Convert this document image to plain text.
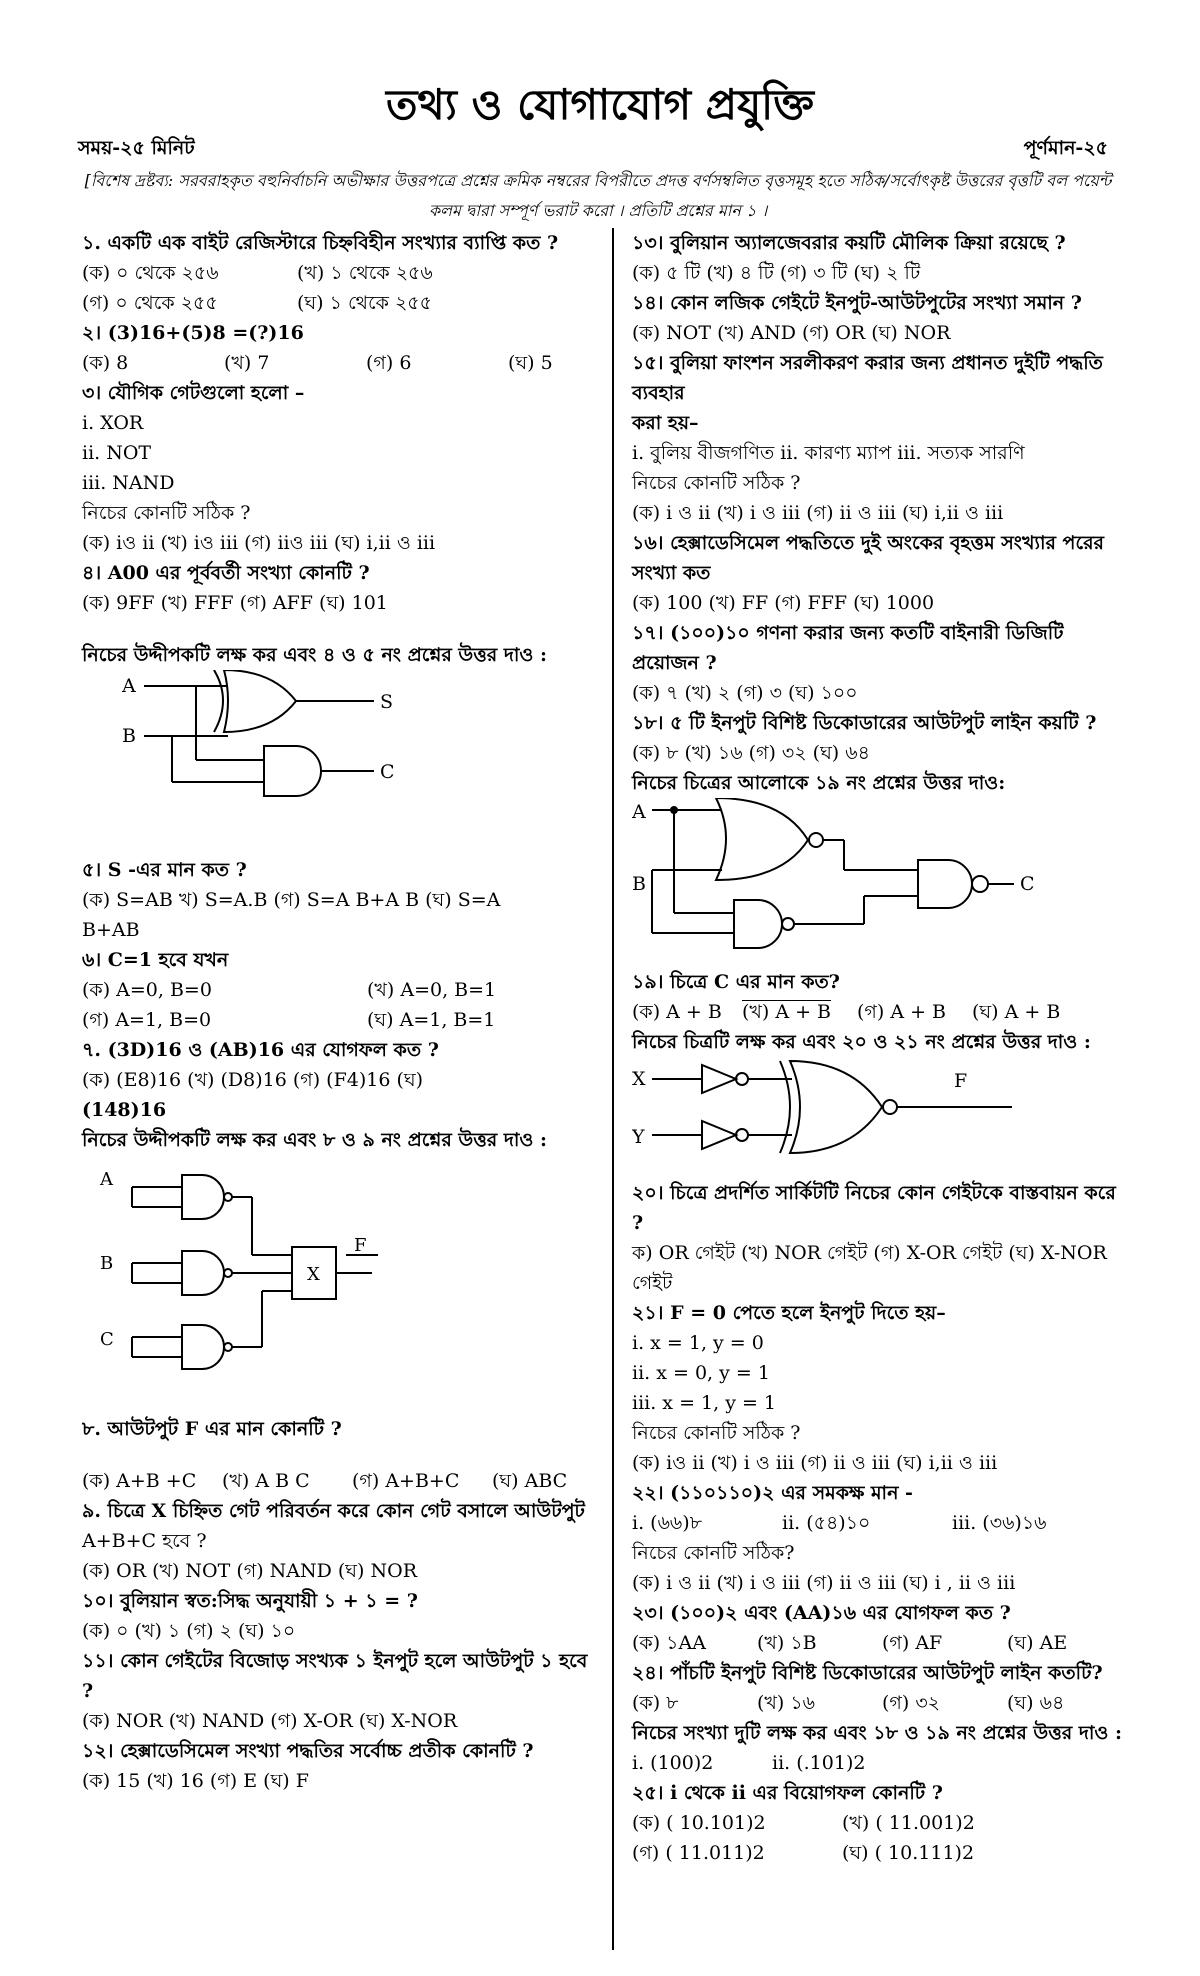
তথ্য ও যোগাযোগ প্রযুক্তি
সময়-২৫ মিনিট	পূর্ণমান-২৫
[বিশেষ দ্রষ্টব্য: সরবরাহকৃত বহুনির্বাচনি অভীক্ষার উত্তরপত্রে প্রশ্নের ক্রমিক নম্বরের বিপরীতে প্রদত্ত বর্ণসম্বলিত বৃত্তসমূহ হতে সঠিক/সর্বোৎকৃষ্ট উত্তরের বৃত্তটি বল পয়েন্ট কলম দ্বারা সম্পূর্ণ ভরাট করো । প্রতিটি প্রশ্নের মান ১ ।

১. একটি এক বাইট রেজিস্টারে চিহ্নবিহীন সংখ্যার ব্যাপ্তি কত ?

(ক) ০ থেকে ২৫৬	(খ) ১ থেকে ২৫৬
(গ) ০ থেকে ২৫৫	(ঘ) ১ থেকে ২৫৫

২। (3)16+(5)8 =(?)16

(ক) 8	(খ) 7	(গ) 6	(ঘ) 5

৩। যৌগিক গেটগুলো হলো –

i. XOR

ii. NOT

iii. NAND

নিচের কোনটি সঠিক ?

(ক) iও ii (খ) iও iii (গ) iiও iii (ঘ) i,ii ও iii

৪। A00 এর পূর্ববর্তী সংখ্যা কোনটি ?

(ক) 9FF (খ) FFF (গ) AFF (ঘ) 101

নিচের উদ্দীপকটি লক্ষ কর এবং ৪ ও ৫ নং প্রশ্নের উত্তর দাও :

A
B
S
C

৫। S -এর মান কত ?

(ক) S=AB খ) S=A.B (গ) S=A B+A B (ঘ) S=A

B+AB

৬। C=1 হবে যখন

(ক) A=0, B=0	(খ) A=0, B=1
(গ) A=1, B=0	(ঘ) A=1, B=1

৭. (3D)16 ও (AB)16 এর যোগফল কত ?

(ক) (E8)16 (খ) (D8)16 (গ) (F4)16 (ঘ)

(148)16

নিচের উদ্দীপকটি লক্ষ কর এবং ৮ ও ৯ নং প্রশ্নের উত্তর দাও :

A
B
C
X
F

৮. আউটপুট F এর মান কোনটি ?

(ক) A+B +C	(খ) A B C	(গ) A+B+C	(ঘ) ABC

৯. চিত্রে X চিহ্নিত গেট পরিবর্তন করে কোন গেট বসালে আউটপুট

A+B+C হবে ?

(ক) OR (খ) NOT (গ) NAND (ঘ) NOR

১০। বুলিয়ান স্বত:সিদ্ধ অনুযায়ী ১ + ১ = ?

(ক) ০ (খ) ১ (গ) ২ (ঘ) ১০

১১। কোন গেইটের বিজোড় সংখ্যক ১ ইনপুট হলে আউটপুট ১ হবে ?

(ক) NOR (খ) NAND (গ) X-OR (ঘ) X-NOR

১২। হেক্সাডেসিমেল সংখ্যা পদ্ধতির সর্বোচ্চ প্রতীক কোনটি ?

(ক) 15 (খ) 16 (গ) E (ঘ) F

১৩। বুলিয়ান অ্যালজেবরার কয়টি মৌলিক ক্রিয়া রয়েছে ?

(ক) ৫ টি (খ) ৪ টি (গ) ৩ টি (ঘ) ২ টি

১৪। কোন লজিক গেইটে ইনপুট-আউটপুটের সংখ্যা সমান ?

(ক) NOT (খ) AND (গ) OR (ঘ) NOR

১৫। বুলিয়া ফাংশন সরলীকরণ করার জন্য প্রধানত দুইটি পদ্ধতি ব্যবহার

করা হয়–

i. বুলিয় বীজগণিত ii. কারণ্য ম্যাপ iii. সত্যক সারণি

নিচের কোনটি সঠিক ?

(ক) i ও ii (খ) i ও iii (গ) ii ও iii (ঘ) i,ii ও iii

১৬। হেক্সাডেসিমেল পদ্ধতিতে দুই অংকের বৃহত্তম সংখ্যার পরের সংখ্যা কত

(ক) 100 (খ) FF (গ) FFF (ঘ) 1000

১৭। (১০০)১০ গণনা করার জন্য কতটি বাইনারী ডিজিটি প্রয়োজন ?

(ক) ৭ (খ) ২ (গ) ৩ (ঘ) ১০০

১৮। ৫ টি ইনপুট বিশিষ্ট ডিকোডারের আউটপুট লাইন কয়টি ?

(ক) ৮ (খ) ১৬ (গ) ৩২ (ঘ) ৬৪

নিচের চিত্রের আলোকে ১৯ নং প্রশ্নের উত্তর দাও:

A
B	C

১৯। চিত্রে C এর মান কত?

(ক) A + B	(খ) A + B	(গ) A + B	(ঘ) A + B

নিচের চিত্রটি লক্ষ কর এবং ২০ ও ২১ নং প্রশ্নের উত্তর দাও :

X
Y
F

২০। চিত্রে প্রদর্শিত সার্কিটটি নিচের কোন গেইটকে বাস্তবায়ন করে ?

ক) OR গেইট (খ) NOR গেইট (গ) X-OR গেইট (ঘ) X-NOR

গেইট

২১। F = 0 পেতে হলে ইনপুট দিতে হয়–

i. x = 1, y = 0

ii. x = 0, y = 1

iii. x = 1, y = 1

নিচের কোনটি সঠিক ?

(ক) iও ii (খ) i ও iii (গ) ii ও iii (ঘ) i,ii ও iii

২২। (১১০১১০)২ এর সমকক্ষ মান -

i. (৬৬)৮	ii. (৫৪)১০	iii. (৩৬)১৬

নিচের কোনটি সঠিক?

(ক) i ও ii (খ) i ও iii (গ) ii ও iii (ঘ) i , ii ও iii

২৩। (১০০)২ এবং (AA)১৬ এর যোগফল কত ?

(ক) ১AA	(খ) ১B	(গ) AF	(ঘ) AE

২৪। পাঁচটি ইনপুট বিশিষ্ট ডিকোডারের আউটপুট লাইন কতটি?

(ক) ৮	(খ) ১৬	(গ) ৩২	(ঘ) ৬৪

নিচের সংখ্যা দুটি লক্ষ কর এবং ১৮ ও ১৯ নং প্রশ্নের উত্তর দাও :

i. (100)2	ii. (.101)2

২৫। i থেকে ii এর বিয়োগফল কোনটি ?

(ক) ( 10.101)2	(খ) ( 11.001)2
(গ) ( 11.011)2	(ঘ) ( 10.111)2
